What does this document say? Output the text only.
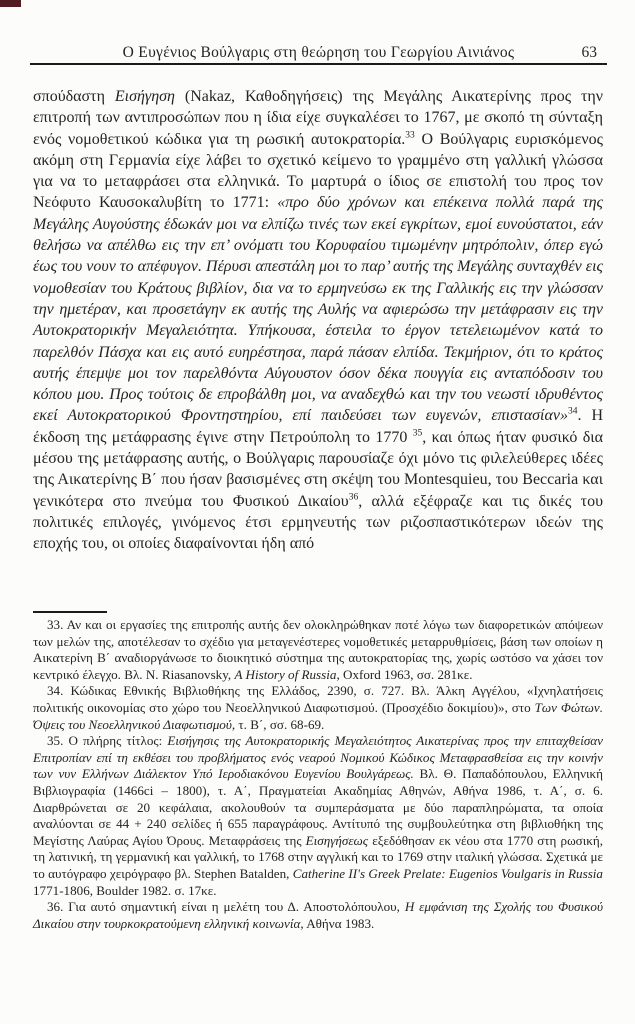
Ο Ευγένιος Βούλγαρις στη θεώρηση του Γεωργίου Αινιάνος	63

σπούδαστη Εισήγηση (Nakaz, Καθοδηγήσεις) της Μεγάλης Αικατερίνης προς την επιτροπή των αντιπροσώπων που η ίδια είχε συγκαλέσει το 1767, με σκοπό τη σύνταξη ενός νομοθετικού κώδικα για τη ρωσική αυτοκρατορία.$^{33}$ Ο Βούλγαρις ευρισκόμενος ακόμη στη Γερμανία είχε λάβει το σχετικό κείμενο το γραμμένο στη γαλλική γλώσσα για να το μεταφράσει στα ελληνικά. Το μαρτυρά ο ίδιος σε επιστολή του προς τον Νεόφυτο Καυσοκαλυβίτη το 1771: «προ δύο χρόνων και επέκεινα πολλά παρά της Μεγάλης Αυγούστης έδωκάν μοι να ελπίζω τινές των εκεί εγκρίτων, εμοί ευνούστατοι, εάν θελήσω να απέλθω εις την επ’ ονόματι του Κορυφαίου τιμωμένην μητρόπολιν, όπερ εγώ έως του νουν το απέφυγον. Πέρυσι απεστάλη μοι το παρ’ αυτής της Μεγάλης συνταχθέν εις νομοθεσίαν του Κράτους βιβλίον, δια να το ερμηνεύσω εκ της Γαλλικής εις την γλώσσαν την ημετέραν, και προσετάγην εκ αυτής της Αυλής να αφιερώσω την μετάφρασιν εις την Αυτοκρατορικήν Μεγαλειότητα. Υπήκουσα, έστειλα το έργον τετελειωμένον κατά το παρελθόν Πάσχα και εις αυτό ευηρέστησα, παρά πάσαν ελπίδα. Τεκμήριον, ότι το κράτος αυτής έπεμψε μοι τον παρελθόντα Αύγουστον όσον δέκα πουγγία εις ανταπόδοσιν του κόπου μου. Προς τούτοις δε επροβάλθη μοι, να αναδεχθώ και την του νεωστί ιδρυθέντος εκεί Αυτοκρατορικού Φροντηστηρίου, επί παιδεύσει των ευγενών, επιστασίαν»$^{34}$. Η έκδοση της μετάφρασης έγινε στην Πετρούπολη το 1770 $^{35}$, και όπως ήταν φυσικό δια μέσου της μετάφρασης αυτής, ο Βούλγαρις παρουσίαζε όχι μόνο τις φιλελεύθερες ιδέες της Αικατερίνης Β΄ που ήσαν βασισμένες στη σκέψη του Montesquieu, του Beccaria και γενικότερα στο πνεύμα του Φυσικού Δικαίου$^{36}$, αλλά εξέφραζε και τις δικές του πολιτικές επιλογές, γινόμενος έτσι ερμηνευτής των ριζοσπαστικότερων ιδεών της εποχής του, οι οποίες διαφαίνονται ήδη από

33. Αν και οι εργασίες της επιτροπής αυτής δεν ολοκληρώθηκαν ποτέ λόγω των διαφορετικών απόψεων των μελών της, αποτέλεσαν το σχέδιο για μεταγενέστερες νομοθετικές μεταρρυθμίσεις, βάση των οποίων η Αικατερίνη Β΄ αναδιοργάνωσε το διοικητικό σύστημα της αυτοκρατορίας της, χωρίς ωστόσο να χάσει τον κεντρικό έλεγχο. Βλ. N. Riasanovsky, A History of Russia, Oxford 1963, σσ. 281κε.

34. Κώδικας Εθνικής Βιβλιοθήκης της Ελλάδος, 2390, σ. 727. Βλ. Άλκη Αγγέλου, «Ιχνηλατήσεις πολιτικής οικονομίας στο χώρο του Νεοελληνικού Διαφωτισμού. (Προσχέδιο δοκιμίου)», στο Των Φώτων. Όψεις του Νεοελληνικού Διαφωτισμού, τ. Β΄, σσ. 68-69.

35. Ο πλήρης τίτλος: Εισήγησις της Αυτοκρατορικής Μεγαλειότητος Αικατερίνας προς την επιταχθείσαν Επιτροπίαν επί τη εκθέσει του προβλήματος ενός νεαρού Νομικού Κώδικος Μεταφρασθείσα εις την κοινήν των νυν Ελλήνων Διάλεκτον Υπό Ιεροδιακόνου Ευγενίου Βουλγάρεως. Βλ. Θ. Παπαδόπουλου, Ελληνική Βιβλιογραφία (1466ci – 1800), τ. Α΄, Πραγματείαι Ακαδημίας Αθηνών, Αθήνα 1986, τ. Α΄, σ. 6. Διαρθρώνεται σε 20 κεφάλαια, ακολουθούν τα συμπεράσματα με δύο παραπληρώματα, τα οποία αναλύονται σε 44 + 240 σελίδες ή 655 παραγράφους. Αντίτυπό της συμβουλεύτηκα στη βιβλιοθήκη της Μεγίστης Λαύρας Αγίου Όρους. Μεταφράσεις της Εισηγήσεως εξεδόθησαν εκ νέου στα 1770 στη ρωσική, τη λατινική, τη γερμανική και γαλλική, το 1768 στην αγγλική και το 1769 στην ιταλική γλώσσα. Σχετικά με το αυτόγραφο χειρόγραφο βλ. Stephen Batalden, Catherine II's Greek Prelate: Eugenios Voulgaris in Russia 1771-1806, Boulder 1982. σ. 17κε.

36. Για αυτό σημαντική είναι η μελέτη του Δ. Αποστολόπουλου, Η εμφάνιση της Σχολής του Φυσικού Δικαίου στην τουρκοκρατούμενη ελληνική κοινωνία, Αθήνα 1983.
